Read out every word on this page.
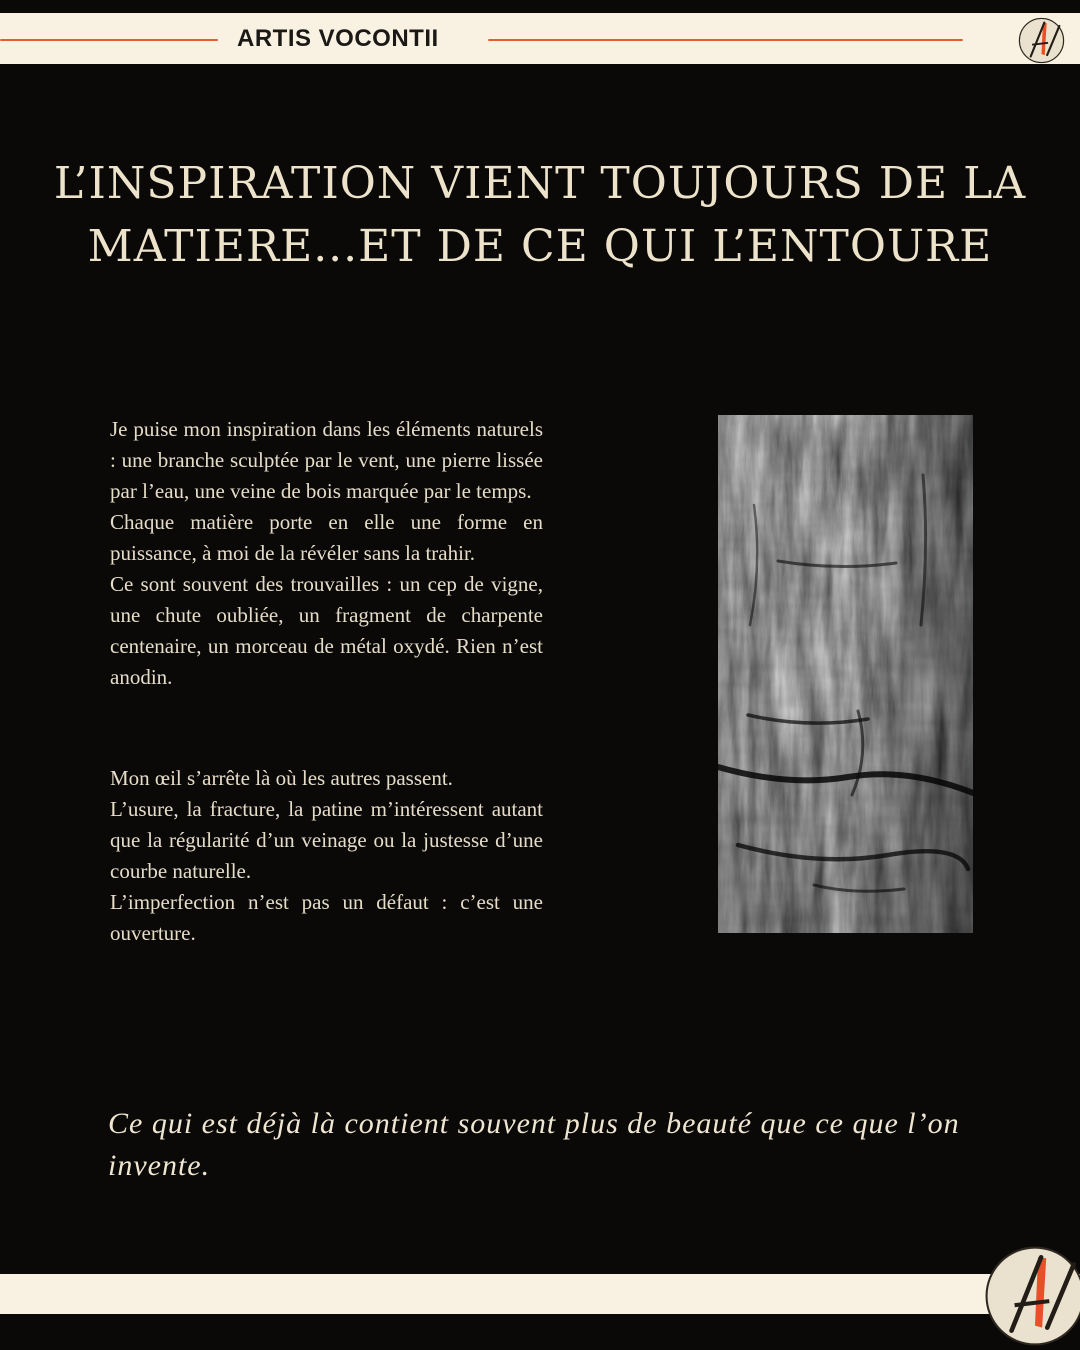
ARTIS VOCONTII
L’INSPIRATION VIENT TOUJOURS DE LA
MATIERE...ET DE CE QUI L’ENTOURE

Je puise mon inspiration dans les éléments naturels : une branche sculptée par le vent, une pierre lissée par l’eau, une veine de bois marquée par le temps.

Chaque matière porte en elle une forme en puissance, à moi de la révéler sans la trahir.

Ce sont souvent des trouvailles : un cep de vigne, une chute oubliée, un fragment de charpente centenaire, un morceau de métal oxydé. Rien n’est anodin.

Mon œil s’arrête là où les autres passent.

L’usure, la fracture, la patine m’intéressent autant que la régularité d’un veinage ou la justesse d’une courbe naturelle.

L’imperfection n’est pas un défaut : c’est une ouverture.

Ce qui est déjà là contient souvent plus de beauté que ce que l’on invente.
